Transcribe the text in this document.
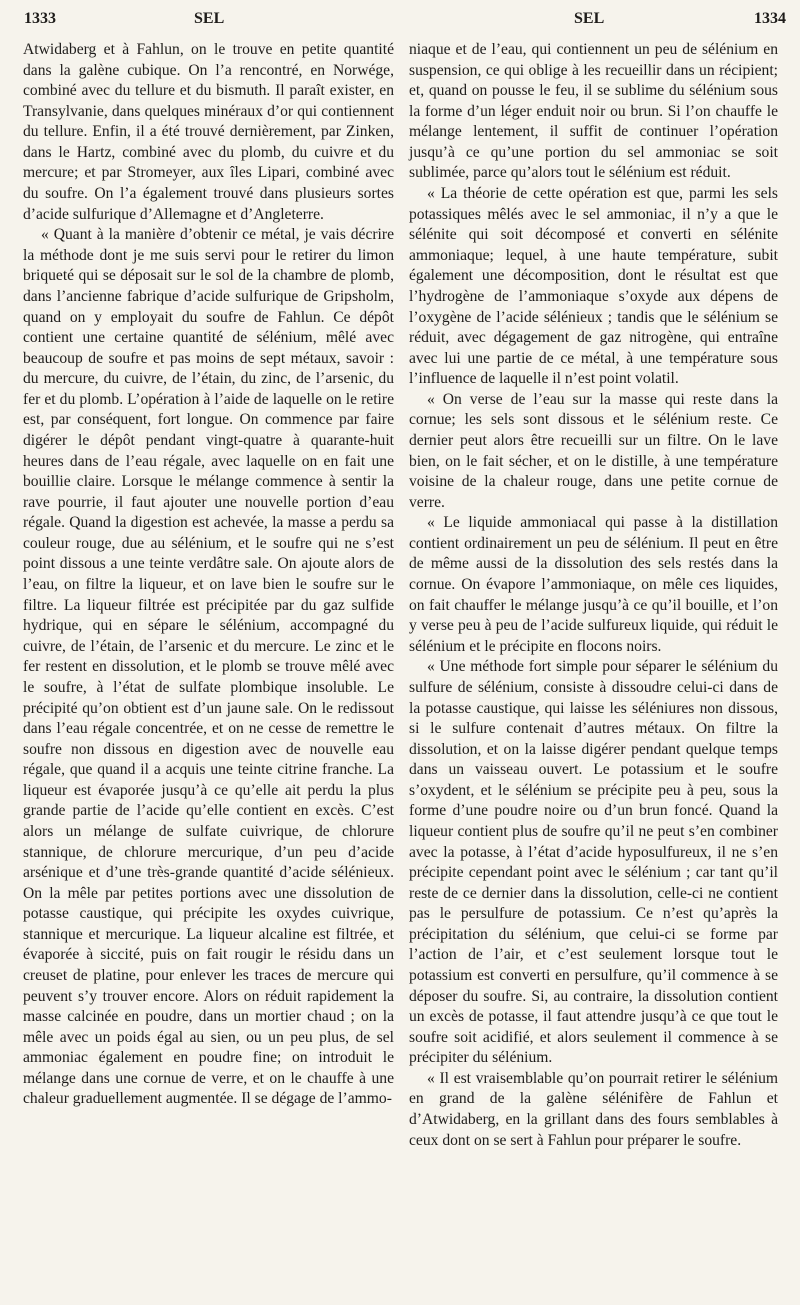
1333	SEL	SEL	1334

Atwidaberg et à Fahlun, on le trouve en petite quantité dans la galène cubique. On l’a rencontré, en Norwége, combiné avec du tellure et du bismuth. Il paraît exister, en Transylvanie, dans quelques minéraux d’or qui contiennent du tellure. Enfin, il a été trouvé dernièrement, par Zinken, dans le Hartz, combiné avec du plomb, du cuivre et du mercure; et par Stromeyer, aux îles Lipari, combiné avec du soufre. On l’a également trouvé dans plusieurs sortes d’acide sulfurique d’Allemagne et d’Angleterre.

« Quant à la manière d’obtenir ce métal, je vais décrire la méthode dont je me suis servi pour le retirer du limon briqueté qui se déposait sur le sol de la chambre de plomb, dans l’ancienne fabrique d’acide sulfurique de Gripsholm, quand on y employait du soufre de Fahlun. Ce dépôt contient une certaine quantité de sélénium, mêlé avec beaucoup de soufre et pas moins de sept métaux, savoir : du mercure, du cuivre, de l’étain, du zinc, de l’arsenic, du fer et du plomb. L’opération à l’aide de laquelle on le retire est, par conséquent, fort longue. On commence par faire digérer le dépôt pendant vingt-quatre à quarante-huit heures dans de l’eau régale, avec laquelle on en fait une bouillie claire. Lorsque le mélange commence à sentir la rave pourrie, il faut ajouter une nouvelle portion d’eau régale. Quand la digestion est achevée, la masse a perdu sa couleur rouge, due au sélénium, et le soufre qui ne s’est point dissous a une teinte verdâtre sale. On ajoute alors de l’eau, on filtre la liqueur, et on lave bien le soufre sur le filtre. La liqueur filtrée est précipitée par du gaz sulfide hydrique, qui en sépare le sélénium, accompagné du cuivre, de l’étain, de l’arsenic et du mercure. Le zinc et le fer restent en dissolution, et le plomb se trouve mêlé avec le soufre, à l’état de sulfate plombique insoluble. Le précipité qu’on obtient est d’un jaune sale. On le redissout dans l’eau régale concentrée, et on ne cesse de remettre le soufre non dissous en digestion avec de nouvelle eau régale, que quand il a acquis une teinte citrine franche. La liqueur est évaporée jusqu’à ce qu’elle ait perdu la plus grande partie de l’acide qu’elle contient en excès. C’est alors un mélange de sulfate cuivrique, de chlorure stannique, de chlorure mercurique, d’un peu d’acide arsénique et d’une très-grande quantité d’acide sélénieux. On la mêle par petites portions avec une dissolution de potasse caustique, qui précipite les oxydes cuivrique, stannique et mercurique. La liqueur alcaline est filtrée, et évaporée à siccité, puis on fait rougir le résidu dans un creuset de platine, pour enlever les traces de mercure qui peuvent s’y trouver encore. Alors on réduit rapidement la masse calcinée en poudre, dans un mortier chaud ; on la mêle avec un poids égal au sien, ou un peu plus, de sel ammoniac également en poudre fine; on introduit le mélange dans une cornue de verre, et on le chauffe à une chaleur graduellement augmentée. Il se dégage de l’ammo-

niaque et de l’eau, qui contiennent un peu de sélénium en suspension, ce qui oblige à les recueillir dans un récipient; et, quand on pousse le feu, il se sublime du sélénium sous la forme d’un léger enduit noir ou brun. Si l’on chauffe le mélange lentement, il suffit de continuer l’opération jusqu’à ce qu’une portion du sel ammoniac se soit sublimée, parce qu’alors tout le sélénium est réduit.

« La théorie de cette opération est que, parmi les sels potassiques mêlés avec le sel ammoniac, il n’y a que le sélénite qui soit décomposé et converti en sélénite ammoniaque; lequel, à une haute température, subit également une décomposition, dont le résultat est que l’hydrogène de l’ammoniaque s’oxyde aux dépens de l’oxygène de l’acide sélénieux ; tandis que le sélénium se réduit, avec dégagement de gaz nitrogène, qui entraîne avec lui une partie de ce métal, à une température sous l’influence de laquelle il n’est point volatil.

« On verse de l’eau sur la masse qui reste dans la cornue; les sels sont dissous et le sélénium reste. Ce dernier peut alors être recueilli sur un filtre. On le lave bien, on le fait sécher, et on le distille, à une température voisine de la chaleur rouge, dans une petite cornue de verre.

« Le liquide ammoniacal qui passe à la distillation contient ordinairement un peu de sélénium. Il peut en être de même aussi de la dissolution des sels restés dans la cornue. On évapore l’ammoniaque, on mêle ces liquides, on fait chauffer le mélange jusqu’à ce qu’il bouille, et l’on y verse peu à peu de l’acide sulfureux liquide, qui réduit le sélénium et le précipite en flocons noirs.

« Une méthode fort simple pour séparer le sélénium du sulfure de sélénium, consiste à dissoudre celui-ci dans de la potasse caustique, qui laisse les séléniures non dissous, si le sulfure contenait d’autres métaux. On filtre la dissolution, et on la laisse digérer pendant quelque temps dans un vaisseau ouvert. Le potassium et le soufre s’oxydent, et le sélénium se précipite peu à peu, sous la forme d’une poudre noire ou d’un brun foncé. Quand la liqueur contient plus de soufre qu’il ne peut s’en combiner avec la potasse, à l’état d’acide hyposulfureux, il ne s’en précipite cependant point avec le sélénium ; car tant qu’il reste de ce dernier dans la dissolution, celle-ci ne contient pas le persulfure de potassium. Ce n’est qu’après la précipitation du sélénium, que celui-ci se forme par l’action de l’air, et c’est seulement lorsque tout le potassium est converti en persulfure, qu’il commence à se déposer du soufre. Si, au contraire, la dissolution contient un excès de potasse, il faut attendre jusqu’à ce que tout le soufre soit acidifié, et alors seulement il commence à se précipiter du sélénium.

« Il est vraisemblable qu’on pourrait retirer le sélénium en grand de la galène sélénifère de Fahlun et d’Atwidaberg, en la grillant dans des fours semblables à ceux dont on se sert à Fahlun pour préparer le soufre.
